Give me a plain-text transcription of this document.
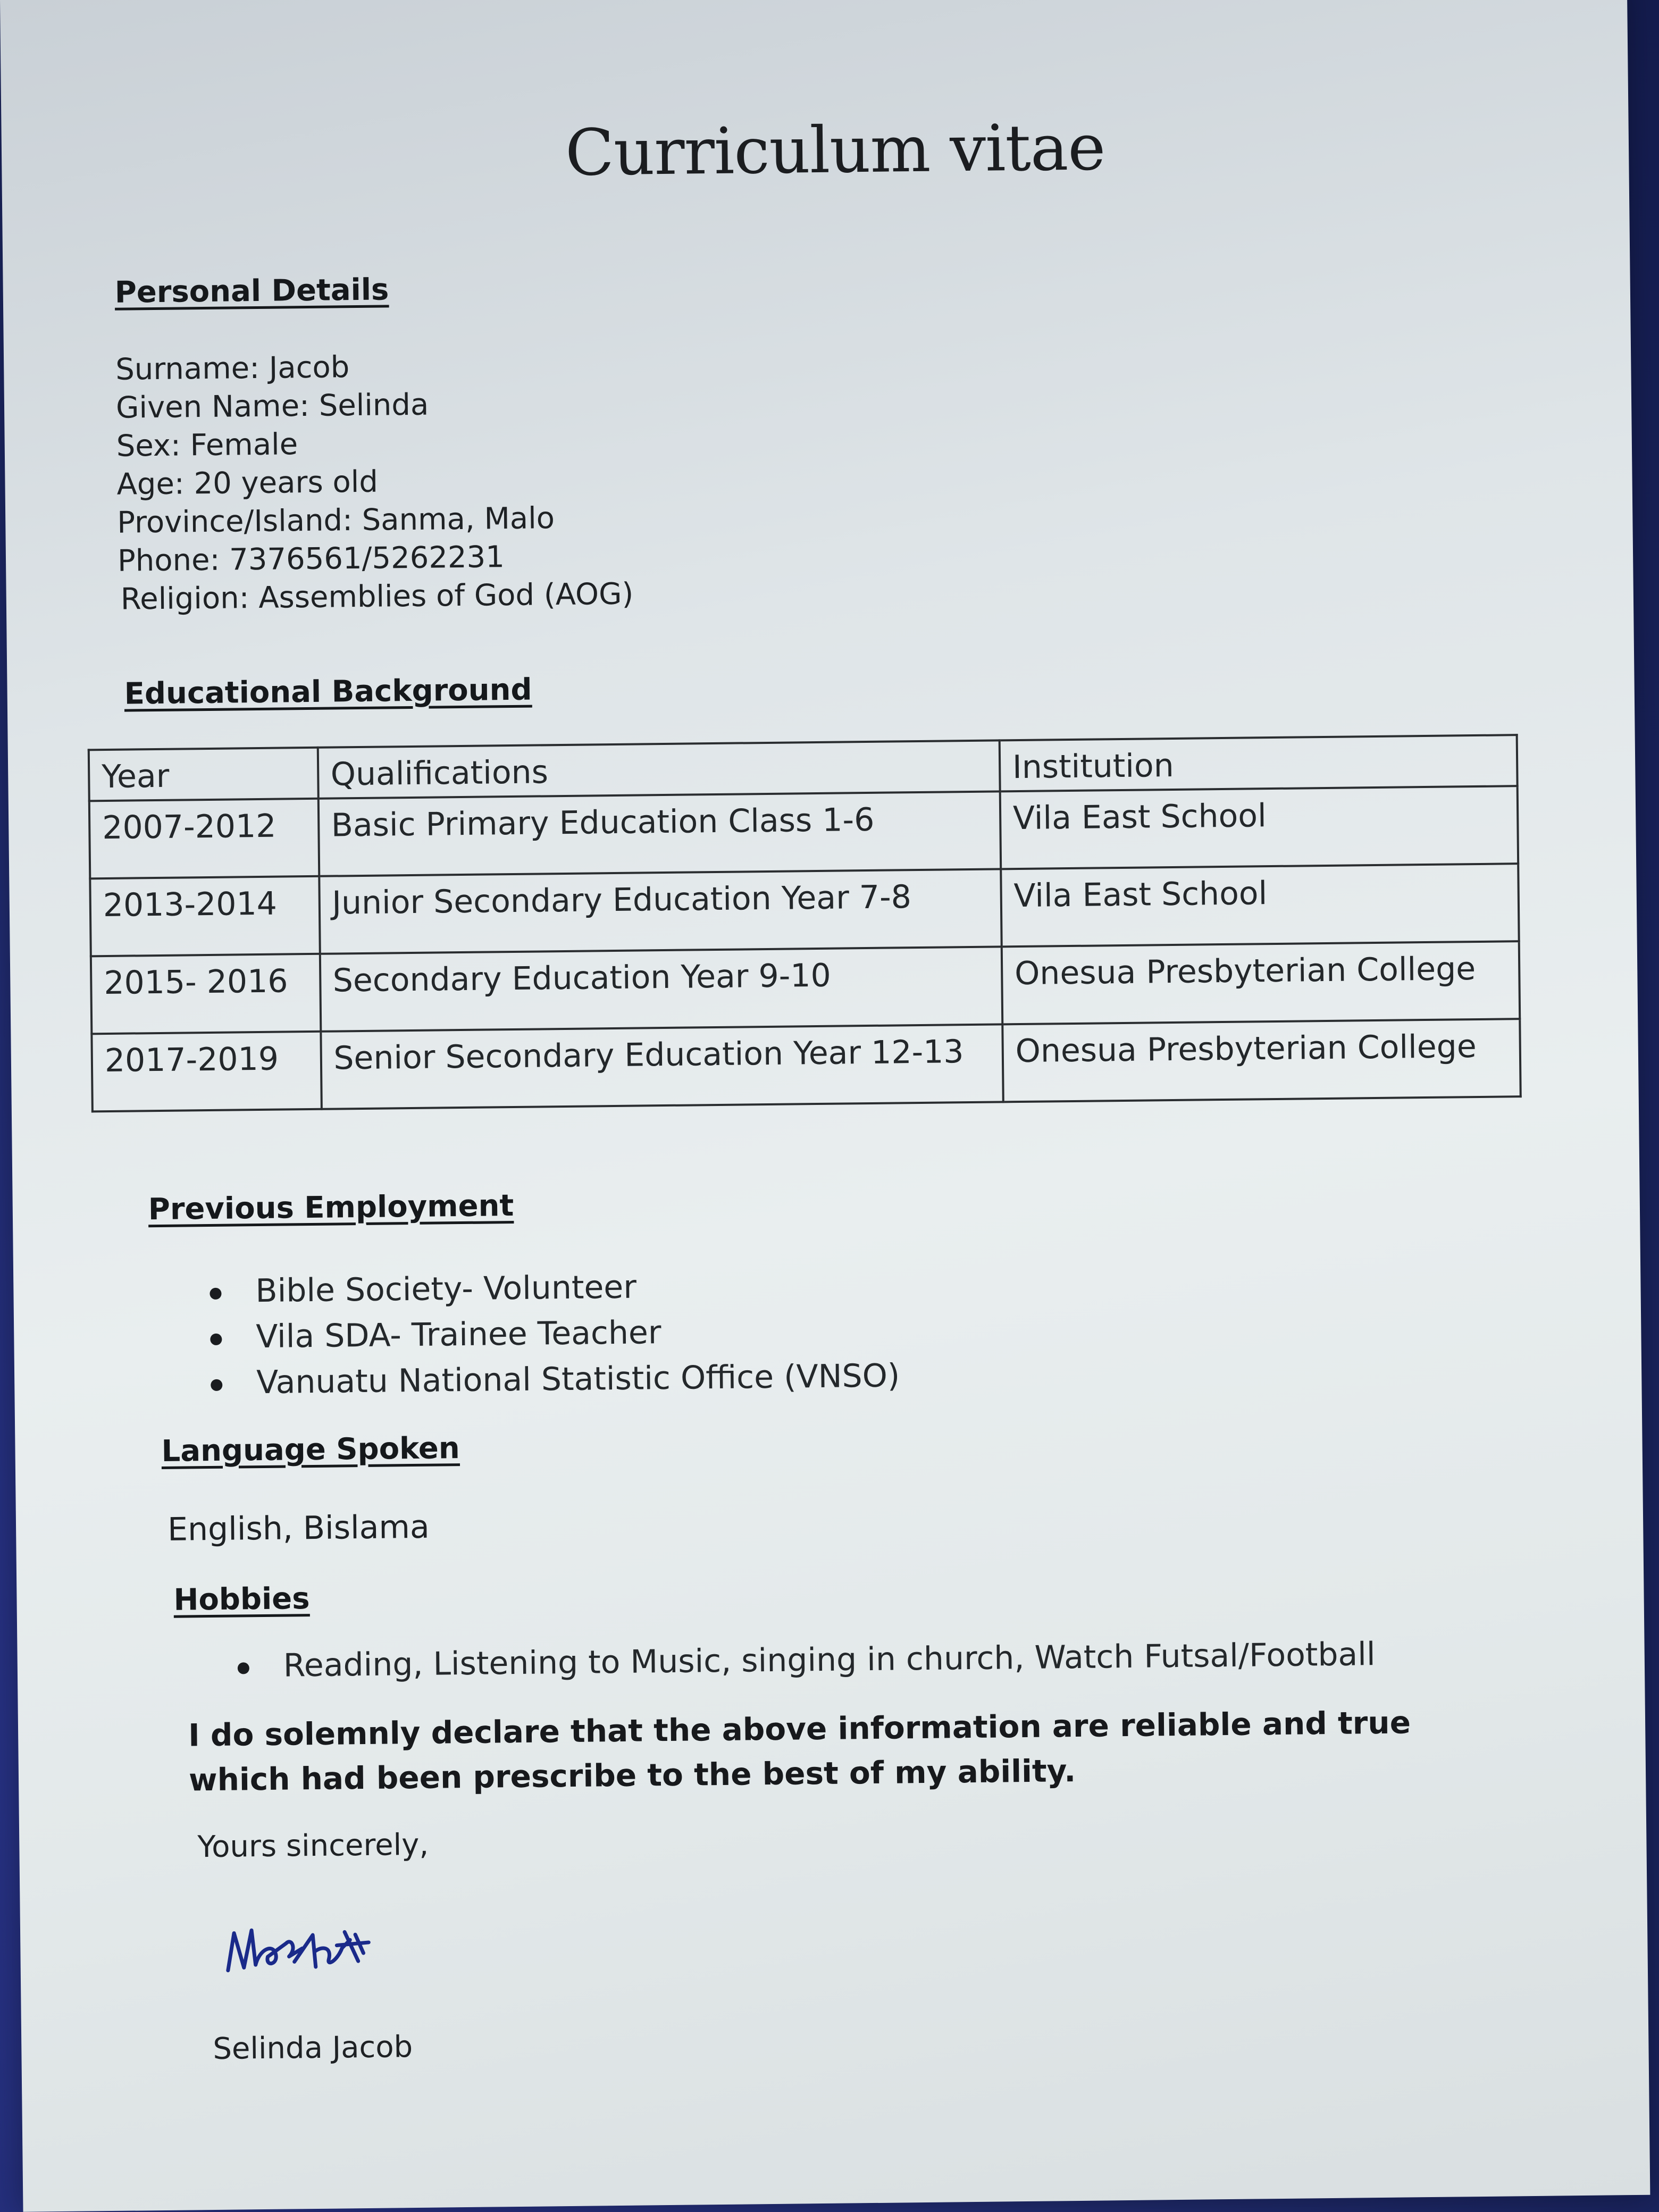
Curriculum vitae
Personal Details
Surname: Jacob
Given Name: Selinda
Sex: Female
Age: 20 years old
Province/Island: Sanma, Malo
Phone: 7376561/5262231
Religion: Assemblies of God (AOG)
Educational Background
Year	Qualifications	Institution
2007-2012	Basic Primary Education Class 1-6	Vila East School
2013-2014	Junior Secondary Education Year 7-8	Vila East School
2015- 2016	Secondary Education Year 9-10	Onesua Presbyterian College
2017-2019	Senior Secondary Education Year 12-13	Onesua Presbyterian College
Previous Employment
Bible Society- Volunteer
Vila SDA- Trainee Teacher
Vanuatu National Statistic Office (VNSO)
Language Spoken
English, Bislama
Hobbies
Reading, Listening to Music, singing in church, Watch Futsal/Football
I do solemnly declare that the above information are reliable and true which had been prescribe to the best of my ability.
Yours sincerely,
Selinda Jacob
